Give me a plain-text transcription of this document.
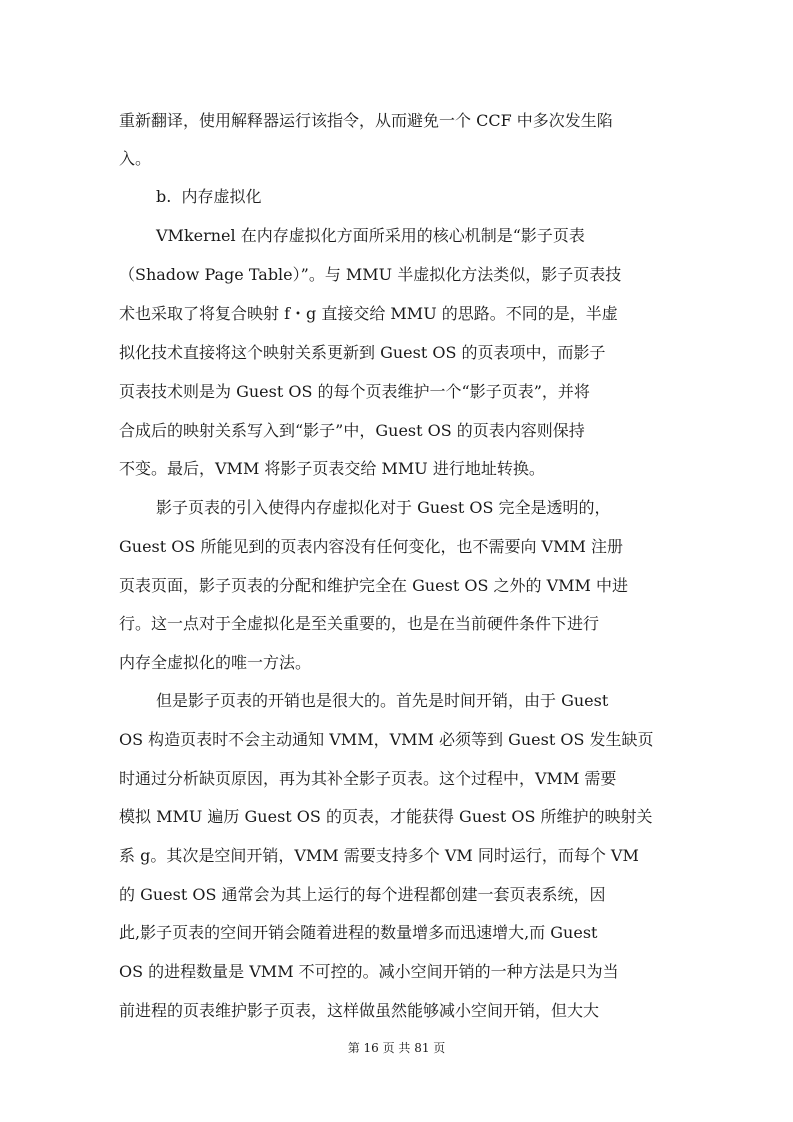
重新翻译，使用解释器运行该指令，从而避免一个 CCF 中多次发生陷
入。
b.  内存虚拟化
VMkernel 在内存虚拟化方面所采用的核心机制是“影子页表
（Shadow Page Table）”。与 MMU 半虚拟化方法类似，影子页表技
术也采取了将复合映射 f・g 直接交给 MMU 的思路。不同的是，半虚
拟化技术直接将这个映射关系更新到 Guest OS 的页表项中，而影子
页表技术则是为 Guest OS 的每个页表维护一个“影子页表”，并将
合成后的映射关系写入到“影子”中，Guest OS 的页表内容则保持
不变。最后，VMM 将影子页表交给 MMU 进行地址转换。
影子页表的引入使得内存虚拟化对于 Guest OS 完全是透明的，
Guest OS 所能见到的页表内容没有任何变化，也不需要向 VMM 注册
页表页面，影子页表的分配和维护完全在 Guest OS 之外的 VMM 中进
行。这一点对于全虚拟化是至关重要的，也是在当前硬件条件下进行
内存全虚拟化的唯一方法。
但是影子页表的开销也是很大的。首先是时间开销，由于 Guest
OS 构造页表时不会主动通知 VMM，VMM 必须等到 Guest OS 发生缺页
时通过分析缺页原因，再为其补全影子页表。这个过程中，VMM 需要
模拟 MMU 遍历 Guest OS 的页表，才能获得 Guest OS 所维护的映射关
系 g。其次是空间开销，VMM 需要支持多个 VM 同时运行，而每个 VM
的 Guest OS 通常会为其上运行的每个进程都创建一套页表系统，因
此,影子页表的空间开销会随着进程的数量增多而迅速增大,而 Guest
OS 的进程数量是 VMM 不可控的。减小空间开销的一种方法是只为当
前进程的页表维护影子页表，这样做虽然能够减小空间开销，但大大
第 16 页 共 81 页
